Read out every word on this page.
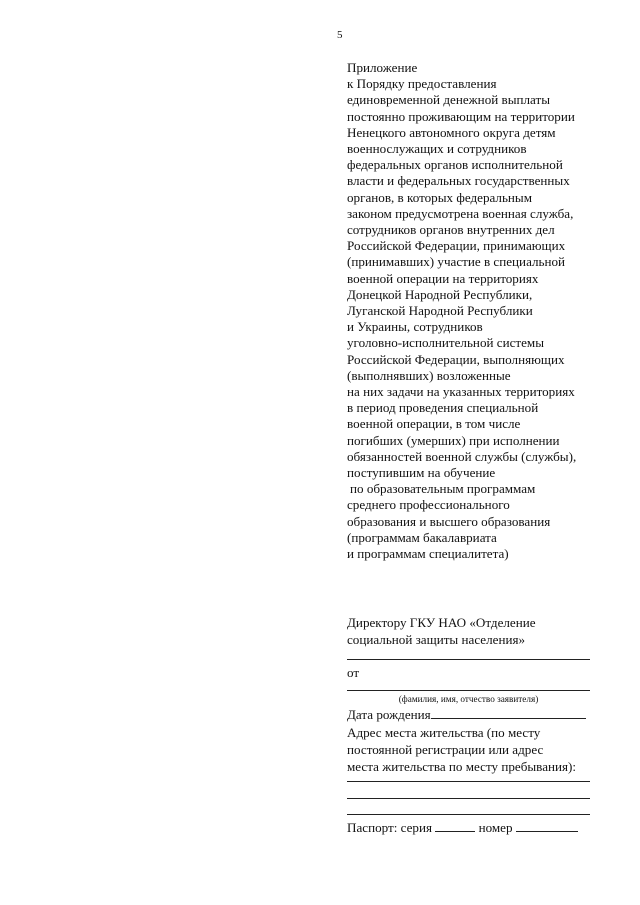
5
Приложение
к Порядку предоставления
единовременной денежной выплаты
постоянно проживающим на территории
Ненецкого автономного округа детям
военнослужащих и сотрудников
федеральных органов исполнительной
власти и федеральных государственных
органов, в которых федеральным
законом предусмотрена военная служба,
сотрудников органов внутренних дел
Российской Федерации, принимающих
(принимавших) участие в специальной
военной операции на территориях
Донецкой Народной Республики,
Луганской Народной Республики
и Украины, сотрудников
уголовно-исполнительной системы
Российской Федерации, выполняющих
(выполнявших) возложенные
на них задачи на указанных территориях
в период проведения специальной
военной операции, в том числе
погибших (умерших) при исполнении
обязанностей военной службы (службы),
поступившим на обучение
по образовательным программам
среднего профессионального
образования и высшего образования
(программам бакалавриата
и программам специалитета)
Директору ГКУ НАО «Отделение
социальной защиты населения»
от
(фамилия, имя, отчество заявителя)
Дата рождения
Адрес места жительства (по месту
постоянной регистрации или адрес
места жительства по месту пребывания):
Паспорт: серия	номер
